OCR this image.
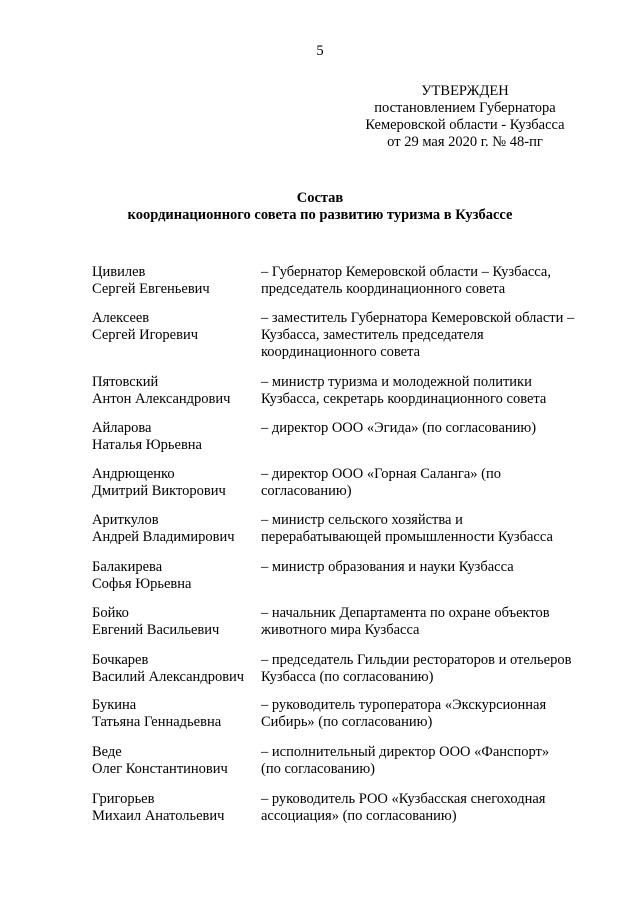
5
УТВЕРЖДЕН
постановлением Губернатора
Кемеровской области - Кузбасса
от 29 мая 2020 г. № 48-пг
Состав
координационного совета по развитию туризма в Кузбассе
Цивилев
Сергей Евгеньевич
– Губернатор Кемеровской области – Кузбасса,
председатель координационного совета
Алексеев
Сергей Игоревич
– заместитель Губернатора Кемеровской области –
Кузбасса, заместитель председателя
координационного совета
Пятовский
Антон Александрович
– министр туризма и молодежной политики
Кузбасса, секретарь координационного совета
Айларова
Наталья Юрьевна
– директор ООО «Эгида» (по согласованию)
Андрющенко
Дмитрий Викторович
– директор ООО «Горная Саланга» (по
согласованию)
Ариткулов
Андрей Владимирович
– министр сельского хозяйства и
перерабатывающей промышленности Кузбасса
Балакирева
Софья Юрьевна
– министр образования и науки Кузбасса
Бойко
Евгений Васильевич
– начальник Департамента по охране объектов
животного мира Кузбасса
Бочкарев
Василий Александрович
– председатель Гильдии рестораторов и отельеров
Кузбасса (по согласованию)
Букина
Татьяна Геннадьевна
– руководитель туроператора «Экскурсионная
Сибирь» (по согласованию)
Веде
Олег Константинович
– исполнительный директор ООО «Фанспорт»
(по согласованию)
Григорьев
Михаил Анатольевич
– руководитель РОО «Кузбасская снегоходная
ассоциация» (по согласованию)
